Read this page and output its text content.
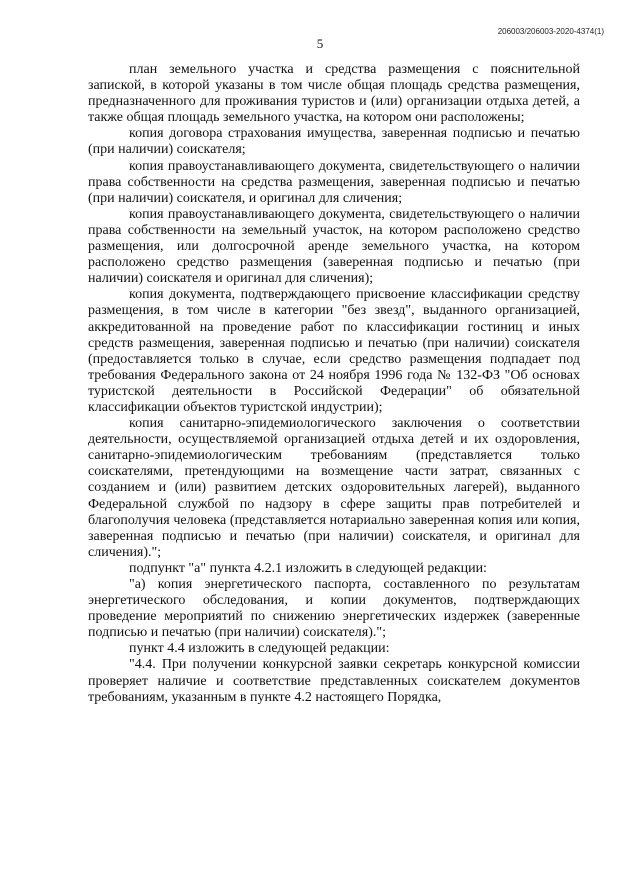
206003/206003-2020-4374(1)
5

план земельного участка и средства размещения с пояснительной запиской, в которой указаны в том числе общая площадь средства размещения, предназначенного для проживания туристов и (или) организации отдыха детей, а также общая площадь земельного участка, на котором они расположены;

копия договора страхования имущества, заверенная подписью и печатью (при наличии) соискателя;

копия правоустанавливающего документа, свидетельствующего о наличии права собственности на средства размещения, заверенная подписью и печатью (при наличии) соискателя, и оригинал для сличения;

копия правоустанавливающего документа, свидетельствующего о наличии права собственности на земельный участок, на котором расположено средство размещения, или долгосрочной аренде земельного участка, на котором расположено средство размещения (заверенная подписью и печатью (при наличии) соискателя и оригинал для сличения);

копия документа, подтверждающего присвоение классификации средству размещения, в том числе в категории "без звезд", выданного организацией, аккредитованной на проведение работ по классификации гостиниц и иных средств размещения, заверенная подписью и печатью (при наличии) соискателя (предоставляется только в случае, если средство размещения подпадает под требования Федерального закона от 24 ноября 1996 года № 132-ФЗ "Об основах туристской деятельности в Российской Федерации" об обязательной классификации объектов туристской индустрии);

копия санитарно-эпидемиологического заключения о соответствии деятельности, осуществляемой организацией отдыха детей и их оздоровления, санитарно-эпидемиологическим требованиям (представляется только соискателями, претендующими на возмещение части затрат, связанных с созданием и (или) развитием детских оздоровительных лагерей), выданного Федеральной службой по надзору в сфере защиты прав потребителей и благополучия человека (представляется нотариально заверенная копия или копия, заверенная подписью и печатью (при наличии) соискателя, и оригинал для сличения).";

подпункт "а" пункта 4.2.1 изложить в следующей редакции:

"а) копия энергетического паспорта, составленного по результатам энергетического обследования, и копии документов, подтверждающих проведение мероприятий по снижению энергетических издержек (заверенные подписью и печатью (при наличии) соискателя).";

пункт 4.4 изложить в следующей редакции:

"4.4. При получении конкурсной заявки секретарь конкурсной комиссии проверяет наличие и соответствие представленных соискателем документов требованиям, указанным в пункте 4.2 настоящего Порядка,
